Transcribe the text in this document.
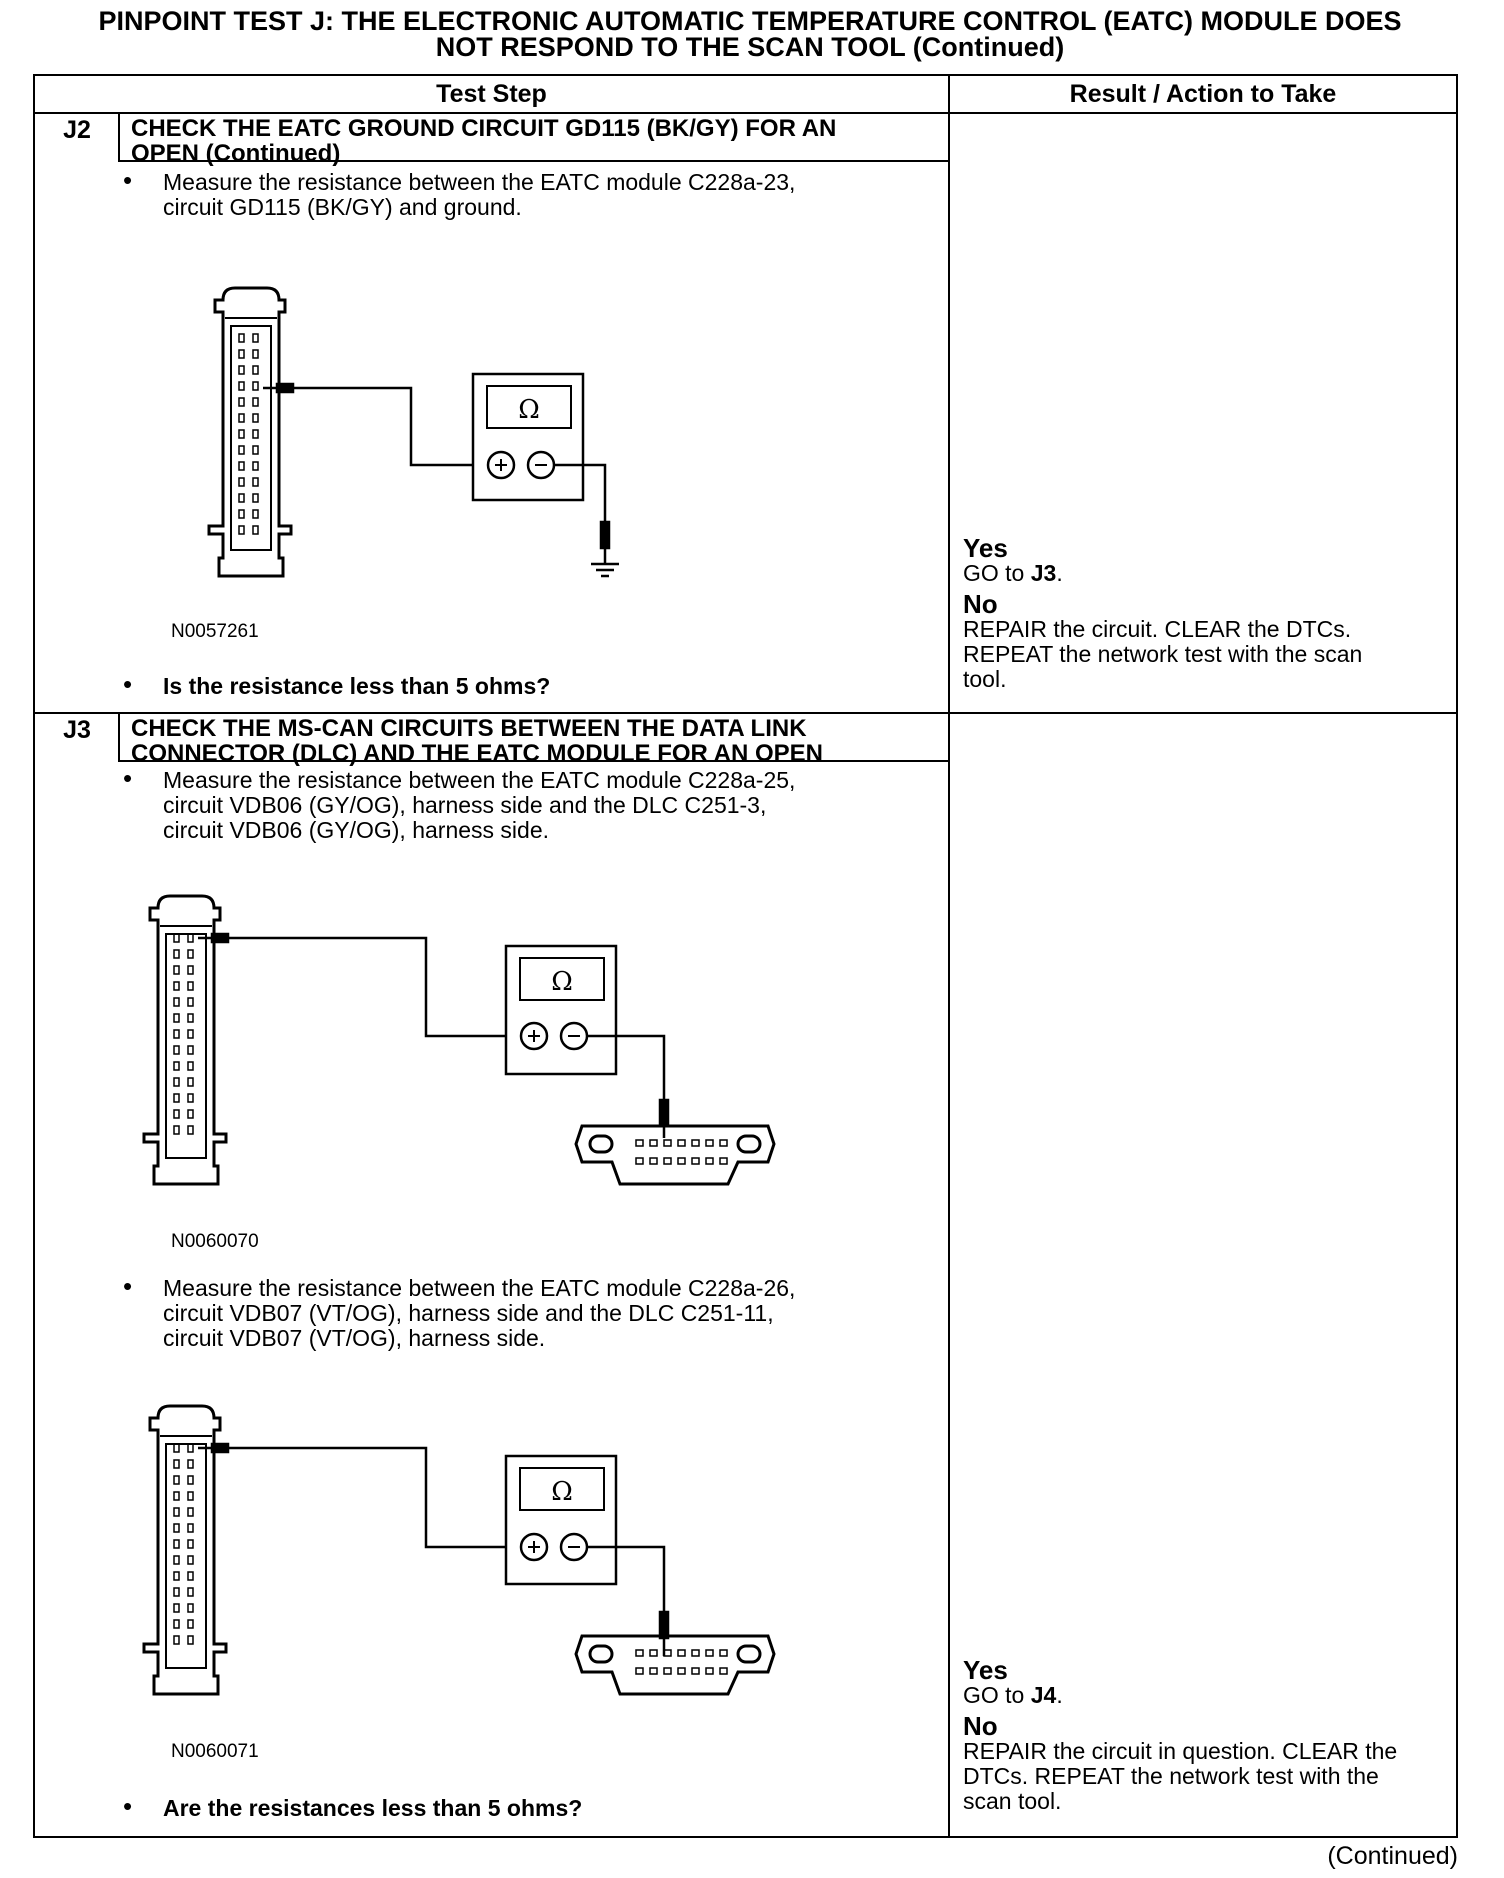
PINPOINT TEST J: THE ELECTRONIC AUTOMATIC TEMPERATURE CONTROL (EATC) MODULE DOES
NOT RESPOND TO THE SCAN TOOL (Continued)
Test Step	Result / Action to Take
J2	CHECK THE EATC GROUND CIRCUIT GD115 (BK/GY) FOR AN
OPEN (Continued)
• Measure the resistance between the EATC module C228a-23,
circuit GD115 (BK/GY) and ground.
Ω
N0057261
• Is the resistance less than 5 ohms?
Yes
GO to J3.
No
REPAIR the circuit. CLEAR the DTCs.
REPEAT the network test with the scan
tool.
J3	CHECK THE MS-CAN CIRCUITS BETWEEN THE DATA LINK
CONNECTOR (DLC) AND THE EATC MODULE FOR AN OPEN
• Measure the resistance between the EATC module C228a-25,
circuit VDB06 (GY/OG), harness side and the DLC C251-3,
circuit VDB06 (GY/OG), harness side.
Ω
N0060070
• Measure the resistance between the EATC module C228a-26,
circuit VDB07 (VT/OG), harness side and the DLC C251-11,
circuit VDB07 (VT/OG), harness side.
Ω
N0060071
• Are the resistances less than 5 ohms?
Yes
GO to J4.
No
REPAIR the circuit in question. CLEAR the
DTCs. REPEAT the network test with the
scan tool.
(Continued)
